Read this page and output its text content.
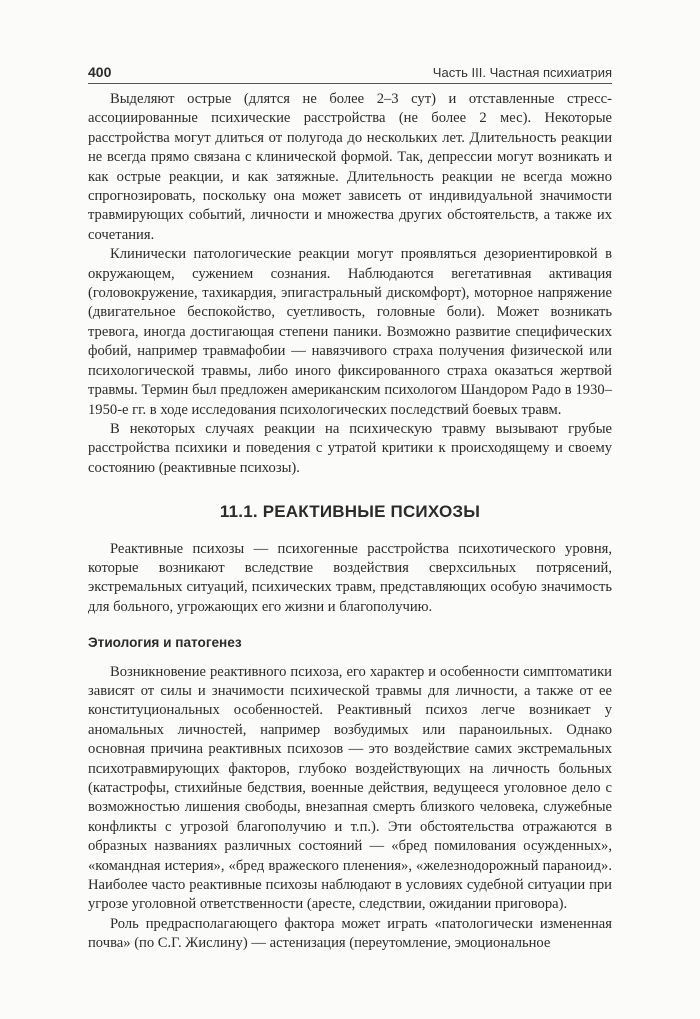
400	Часть III. Частная психиатрия

Выделяют острые (длятся не более 2–3 сут) и отставленные стресс- ассоциированные психические расстройства (не более 2 мес). Некоторые расстройства могут длиться от полугода до нескольких лет. Длительность реакции не всегда прямо связана с клинической формой. Так, депрессии могут возникать и как острые реакции, и как затяжные. Длительность реакции не всегда можно спрогнозировать, поскольку она может зависеть от индивидуальной значимости травмирующих событий, личности и множества других обстоятельств, а также их сочетания.

Клинически патологические реакции могут проявляться дезориентировкой в окружающем, сужением сознания. Наблюдаются вегетативная активация (головокружение, тахикардия, эпигастральный дискомфорт), моторное напряжение (двигательное беспокойство, суетливость, головные боли). Может возникать тревога, иногда достигающая степени паники. Возможно развитие специфических фобий, например травмафобии — навязчивого страха получения физической или психологической травмы, либо иного фиксированного страха оказаться жертвой травмы. Термин был предложен американским психологом Шандором Радо в 1930–1950-е гг. в ходе исследования психологических последствий боевых травм.

В некоторых случаях реакции на психическую травму вызывают грубые расстройства психики и поведения с утратой критики к происходящему и своему состоянию (реактивные психозы).

11.1. РЕАКТИВНЫЕ ПСИХОЗЫ

Реактивные психозы — психогенные расстройства психотического уровня, которые возникают вследствие воздействия сверхсильных потрясений, экстремальных ситуаций, психических травм, представляющих особую значимость для больного, угрожающих его жизни и благополучию.

Этиология и патогенез

Возникновение реактивного психоза, его характер и особенности симптоматики зависят от силы и значимости психической травмы для личности, а также от ее конституциональных особенностей. Реактивный психоз легче возникает у аномальных личностей, например возбудимых или параноильных. Однако основная причина реактивных психозов — это воздействие самих экстремальных психотравмирующих факторов, глубоко воздействующих на личность больных (катастрофы, стихийные бедствия, военные действия, ведущееся уголовное дело с возможностью лишения свободы, внезапная смерть близкого человека, служебные конфликты с угрозой благополучию и т.п.). Эти обстоятельства отражаются в образных названиях различных состояний — «бред помилования осужденных», «командная истерия», «бред вражеского пленения», «железнодорожный параноид». Наиболее часто реактивные психозы наблюдают в условиях судебной ситуации при угрозе уголовной ответственности (аресте, следствии, ожидании приговора).

Роль предрасполагающего фактора может играть «патологически измененная почва» (по С.Г. Жислину) — астенизация (переутомление, эмоциональное
